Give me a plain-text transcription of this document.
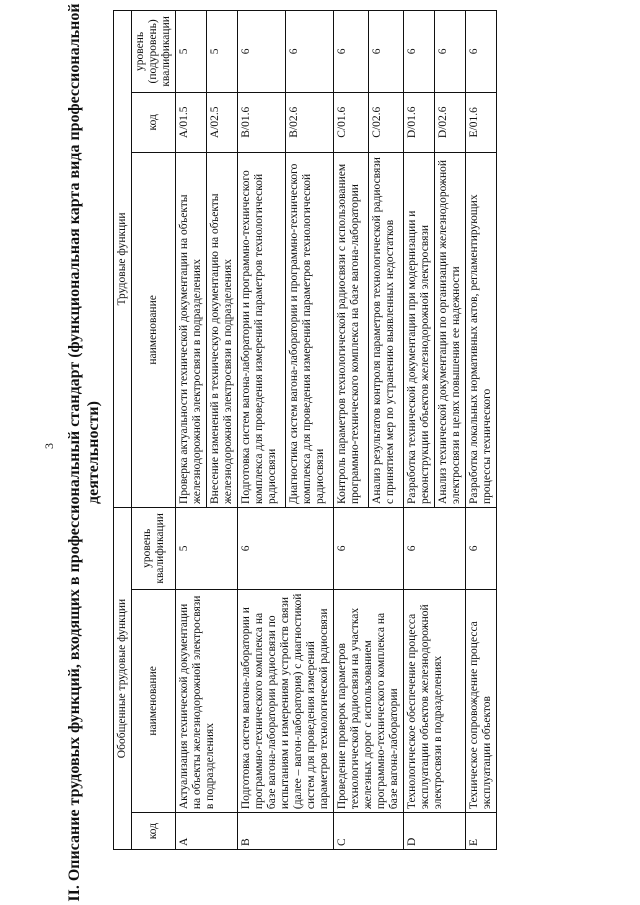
3 II. Описание трудовых функций, входящих в профессиональный стандарт (функциональная карта вида профессиональной деятельности)
Обобщенные трудовые функции			Трудовые функции		
код	наименование	уровень квалификации	наименование	код	уровень (подуровень) квалификации
А	Актуализация технической документации на объекты железнодорожной электросвязи в подразделениях	5	Проверка актуальности технической документации на объекты железнодорожной электросвязи в подразделениях	A/01.5	5
			Внесение изменений в техническую документацию на объекты железнодорожной электросвязи в подразделениях	A/02.5	5
В	Подготовка систем вагона-лаборатории и программно-технического комплекса на базе вагона-лаборатории радиосвязи по испытаниям и измерениям устройств связи (далее – вагон-лаборатория) с диагностикой систем для проведения измерений параметров технологической радиосвязи	6	Подготовка систем вагона-лаборатории и программно-технического комплекса для проведения измерений параметров технологической радиосвязи	B/01.6	6
			Диагностика систем вагона-лаборатории и программно-технического комплекса для проведения измерений параметров технологической радиосвязи	B/02.6	6
С	Проведение проверок параметров технологической радиосвязи на участках железных дорог с использованием программно-технического комплекса на базе вагона-лаборатории	6	Контроль параметров технологической радиосвязи с использованием программно-технического комплекса на базе вагона-лаборатории	C/01.6	6
			Анализ результатов контроля параметров технологической радиосвязи с принятием мер по устранению выявленных недостатков	C/02.6	6
D	Технологическое обеспечение процесса эксплуатации объектов железнодорожной электросвязи в подразделениях	6	Разработка технической документации при модернизации и реконструкции объектов железнодорожной электросвязи	D/01.6	6
			Анализ технической документации по организации железнодорожной электросвязи в целях повышения ее надежности	D/02.6	6
Е	Техническое сопровождение процесса эксплуатации объектов	6	Разработка локальных нормативных актов, регламентирующих процессы технического	E/01.6	6
